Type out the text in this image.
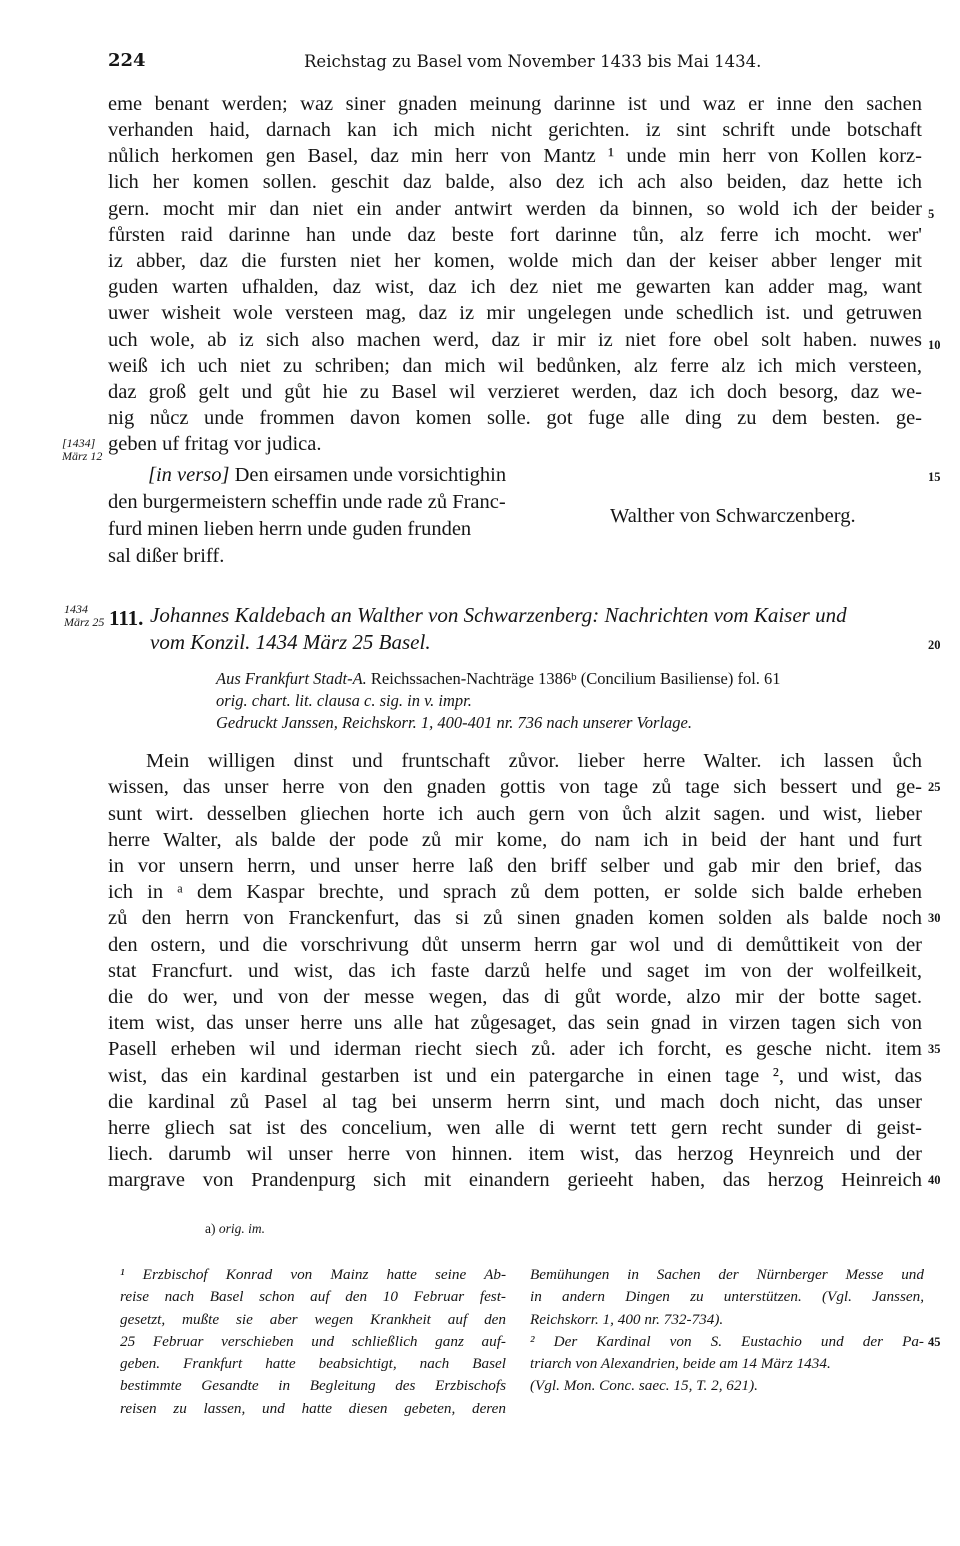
224	Reichstag zu Basel vom November 1433 bis Mai 1434.
eme benant werden; waz siner gnaden meinung darinne ist und waz er inne den sachen
verhanden haid, darnach kan ich mich nicht gerichten. iz sint schrift unde botschaft
nůlich herkomen gen Basel, daz min herr von Mantz ¹ unde min herr von Kollen korz-
lich her komen sollen. geschit daz balde, also dez ich ach also beiden, daz hette ich
gern. mocht mir dan niet ein ander antwirt werden da binnen, so wold ich der beider
fůrsten raid darinne han unde daz beste fort darinne tůn, alz ferre ich mocht. wer'
iz abber, daz die fursten niet her komen, wolde mich dan der keiser abber lenger mit
guden warten ufhalden, daz wist, daz ich dez niet me gewarten kan adder mag, want
uwer wisheit wole versteen mag, daz iz mir ungelegen unde schedlich ist. und getruwen
uch wole, ab iz sich also machen werd, daz ir mir iz niet fore obel solt haben. nuwes
weiß ich uch niet zu schriben; dan mich wil bedůnken, alz ferre alz ich mich versteen,
daz groß gelt und gůt hie zu Basel wil verzieret werden, daz ich doch besorg, daz we-
nig nůcz unde frommen davon komen solle. got fuge alle ding zu dem besten. ge-
geben uf fritag vor judica.
5
10
15
[1434]
März 12
[in verso] Den eirsamen unde vorsichtighin
den burgermeistern scheffin unde rade zů Franc-
furd minen lieben herrn unde guden frunden
sal dißer briff.
Walther von Schwarczenberg.
1434
März 25 111. Johannes Kaldebach an Walther von Schwarzenberg: Nachrichten vom Kaiser und
vom Konzil. 1434 März 25 Basel.	20
Aus Frankfurt Stadt-A. Reichssachen-Nachträge 1386$^b$ (Concilium Basiliense) fol. 61
orig. chart. lit. clausa c. sig. in v. impr.
Gedruckt Janssen, Reichskorr. 1, 400-401 nr. 736 nach unserer Vorlage.
Mein willigen dinst und fruntschaft zůvor. lieber herre Walter. ich lassen ůch
wissen, das unser herre von den gnaden gottis von tage zů tage sich bessert und ge-
sunt wirt. desselben gliechen horte ich auch gern von ůch alzit sagen. und wist, lieber
herre Walter, als balde der pode zů mir kome, do nam ich in beid der hant und furt
in vor unsern herrn, und unser herre laß den briff selber und gab mir den brief, das
ich in ᵃ dem Kaspar brechte, und sprach zů dem potten, er solde sich balde erheben
zů den herrn von Franckenfurt, das si zů sinen gnaden komen solden als balde noch
den ostern, und die vorschrivung důt unserm herrn gar wol und di demůttikeit von der
stat Francfurt. und wist, das ich faste darzů helfe und saget im von der wolfeilkeit,
die do wer, und von der messe wegen, das di gůt worde, alzo mir der botte saget.
item wist, das unser herre uns alle hat zůgesaget, das sein gnad in virzen tagen sich von
Pasell erheben wil und iderman riecht siech zů. ader ich forcht, es gesche nicht. item
wist, das ein kardinal gestarben ist und ein patergarche in einen tage ², und wist, das
die kardinal zů Pasel al tag bei unserm herrn sint, und mach doch nicht, das unser
herre gliech sat ist des concelium, wen alle di wernt tett gern recht sunder di geist-
liech. darumb wil unser herre von hinnen. item wist, das herzog Heynreich und der
margrave von Prandenpurg sich mit einandern gerieeht haben, das herzog Heinreich
25
30
35
40
a) orig. im.
¹ Erzbischof Konrad von Mainz hatte seine Ab-
reise nach Basel schon auf den 10 Februar fest-
gesetzt, mußte sie aber wegen Krankheit auf den
25 Februar verschieben und schließlich ganz auf-
geben. Frankfurt hatte beabsichtigt, nach Basel
bestimmte Gesandte in Begleitung des Erzbischofs
reisen zu lassen, und hatte diesen gebeten, deren
Bemühungen in Sachen der Nürnberger Messe und
in andern Dingen zu unterstützen. (Vgl. Janssen,
Reichskorr. 1, 400 nr. 732-734).
² Der Kardinal von S. Eustachio und der Pa-
triarch von Alexandrien, beide am 14 März 1434.
(Vgl. Mon. Conc. saec. 15, T. 2, 621).
45
